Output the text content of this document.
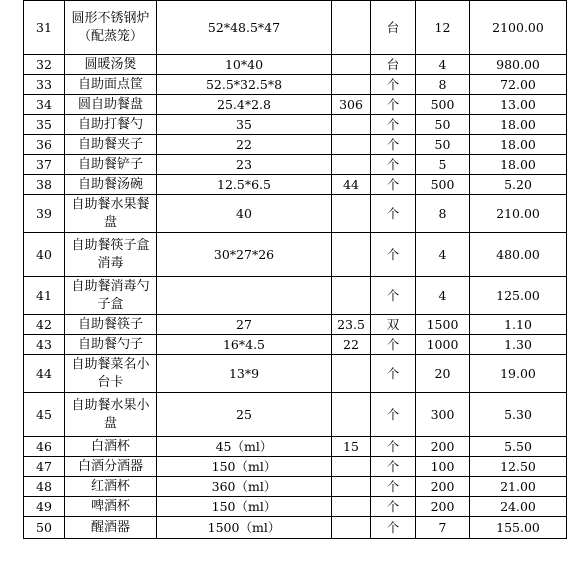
31	圆形不锈钢炉（配蒸笼）	52*48.5*47		台	12	2100.00
32	圆暖汤煲	10*40		台	4	980.00
33	自助面点筐	52.5*32.5*8		个	8	72.00
34	圆自助餐盘	25.4*2.8	306	个	500	13.00
35	自助打餐勺	35		个	50	18.00
36	自助餐夹子	22		个	50	18.00
37	自助餐铲子	23		个	5	18.00
38	自助餐汤碗	12.5*6.5	44	个	500	5.20
39	自助餐水果餐盘	40		个	8	210.00
40	自助餐筷子盒消毒	30*27*26		个	4	480.00
41	自助餐消毒勺子盒			个	4	125.00
42	自助餐筷子	27	23.5	双	1500	1.10
43	自助餐勺子	16*4.5	22	个	1000	1.30
44	自助餐菜名小台卡	13*9		个	20	19.00
45	自助餐水果小盘	25		个	300	5.30
46	白酒杯	45（ml）	15	个	200	5.50
47	白酒分酒器	150（ml）		个	100	12.50
48	红酒杯	360（ml）		个	200	21.00
49	啤酒杯	150（ml）		个	200	24.00
50	醒酒器	1500（ml）		个	7	155.00
